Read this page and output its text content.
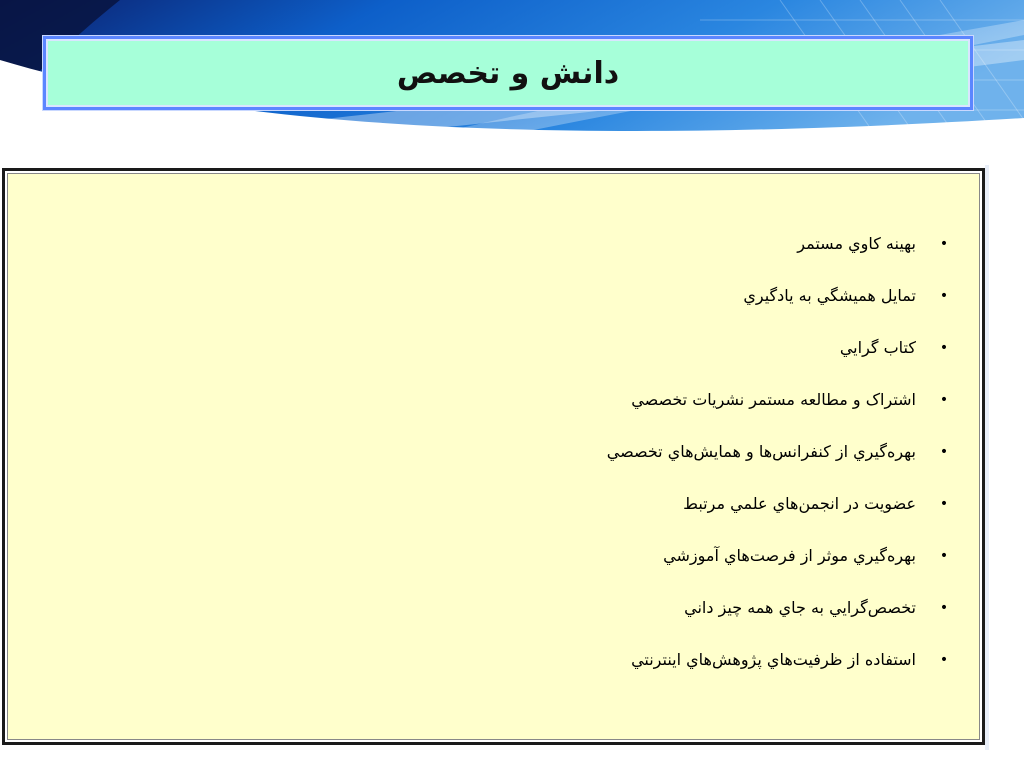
دانش و تخصص
•
بهينه کاوي مستمر
•
تمايل هميشگي به يادگيري
•
کتاب گرايي
•
اشتراک و مطالعه مستمر نشريات تخصصي
•
بهره‌گيري از کنفرانس‌ها و همايش‌هاي تخصصي
•
عضويت در انجمن‌هاي علمي مرتبط
•
بهره‌گيري موثر از فرصت‌هاي آموزشي
•
تخصص‌گرايي به جاي همه چيز داني
•
استفاده از ظرفيت‌هاي پژوهش‌هاي اينترنتي
